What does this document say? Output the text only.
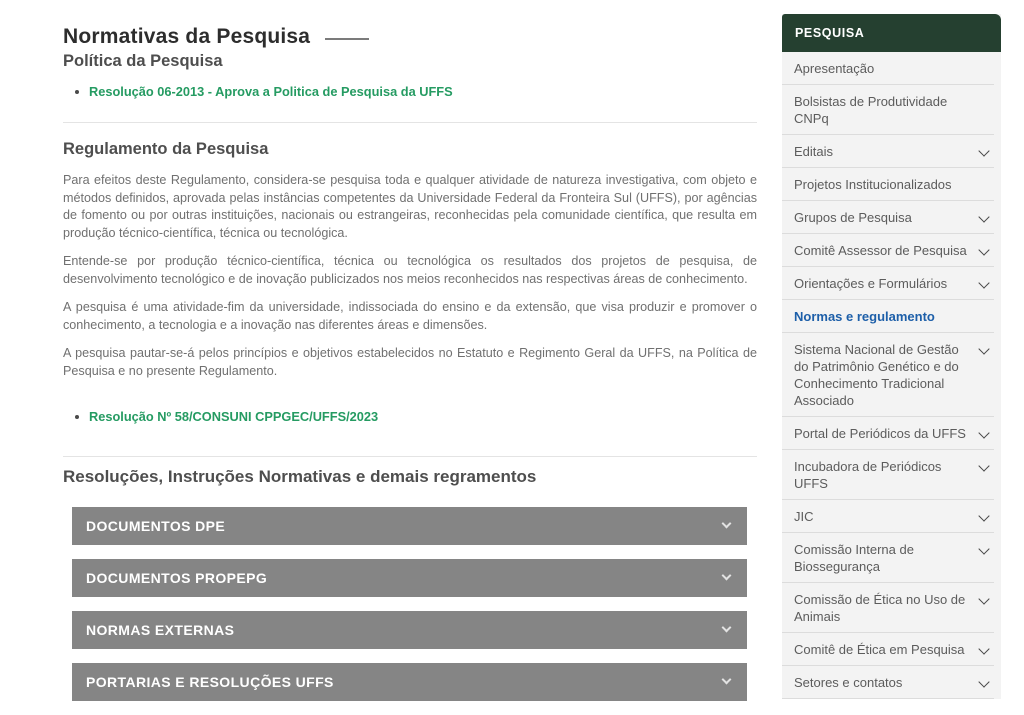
Normativas da Pesquisa
Política da Pesquisa
Resolução 06-2013 - Aprova a Politica de Pesquisa da UFFS
Regulamento da Pesquisa

Para efeitos deste Regulamento, considera-se pesquisa toda e qualquer atividade de natureza investigativa, com objeto e métodos definidos, aprovada pelas instâncias competentes da Universidade Federal da Fronteira Sul (UFFS), por agências de fomento ou por outras instituições, nacionais ou estrangeiras, reconhecidas pela comunidade científica, que resulta em produção técnico-científica, técnica ou tecnológica.

Entende-se por produção técnico-científica, técnica ou tecnológica os resultados dos projetos de pesquisa, de desenvolvimento tecnológico e de inovação publicizados nos meios reconhecidos nas respectivas áreas de conhecimento.

A pesquisa é uma atividade-fim da universidade, indissociada do ensino e da extensão, que visa produzir e promover o conhecimento, a tecnologia e a inovação nas diferentes áreas e dimensões.

A pesquisa pautar-se-á pelos princípios e objetivos estabelecidos no Estatuto e Regimento Geral da UFFS, na Política de Pesquisa e no presente Regulamento.

Resolução Nº 58/CONSUNI CPPGEC/UFFS/2023
Resoluções, Instruções Normativas e demais regramentos
DOCUMENTOS DPE
DOCUMENTOS PROPEPG
NORMAS EXTERNAS
PORTARIAS E RESOLUÇÕES UFFS
PESQUISA
Apresentação
Bolsistas de Produtividade CNPq
Editais
Projetos Institucionalizados
Grupos de Pesquisa
Comitê Assessor de Pesquisa
Orientações e Formulários
Normas e regulamento
Sistema Nacional de Gestão do Patrimônio Genético e do Conhecimento Tradicional Associado
Portal de Periódicos da UFFS
Incubadora de Periódicos UFFS
JIC
Comissão Interna de Biossegurança
Comissão de Ética no Uso de Animais
Comitê de Ética em Pesquisa
Setores e contatos
